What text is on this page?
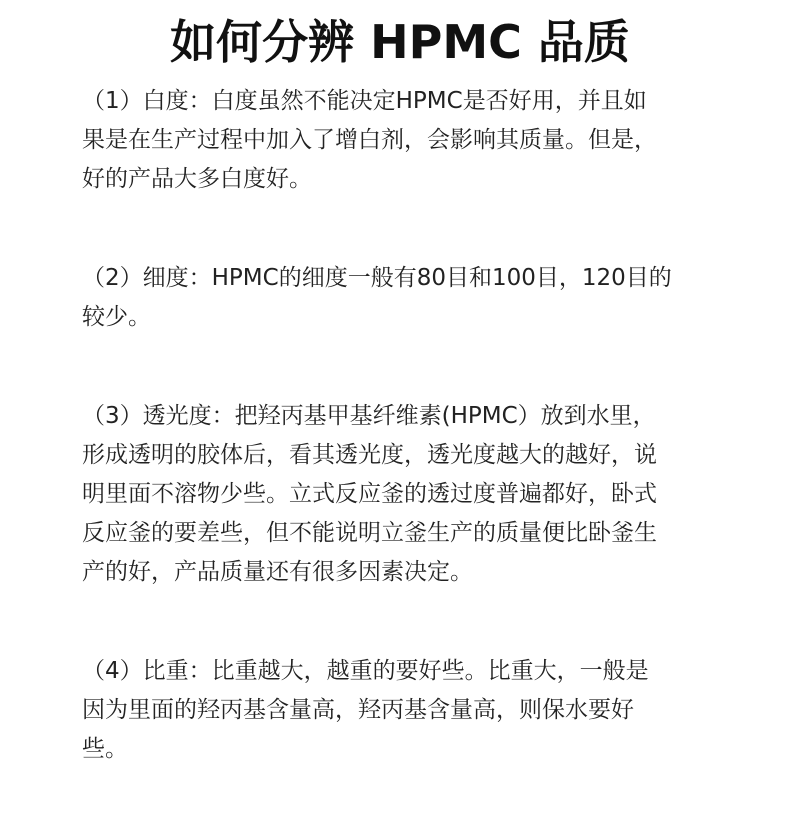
如何分辨 HPMC 品质
（1）白度：白度虽然不能决定HPMC是否好用，并且如
果是在生产过程中加入了增白剂，会影响其质量。但是，
好的产品大多白度好。
（2）细度：HPMC的细度一般有80目和100目，120目的
较少。
（3）透光度：把羟丙基甲基纤维素(HPMC）放到水里，
形成透明的胶体后，看其透光度，透光度越大的越好，说
明里面不溶物少些。立式反应釜的透过度普遍都好，卧式
反应釜的要差些，但不能说明立釜生产的质量便比卧釜生
产的好，产品质量还有很多因素决定。
（4）比重：比重越大，越重的要好些。比重大，一般是
因为里面的羟丙基含量高，羟丙基含量高，则保水要好
些。
